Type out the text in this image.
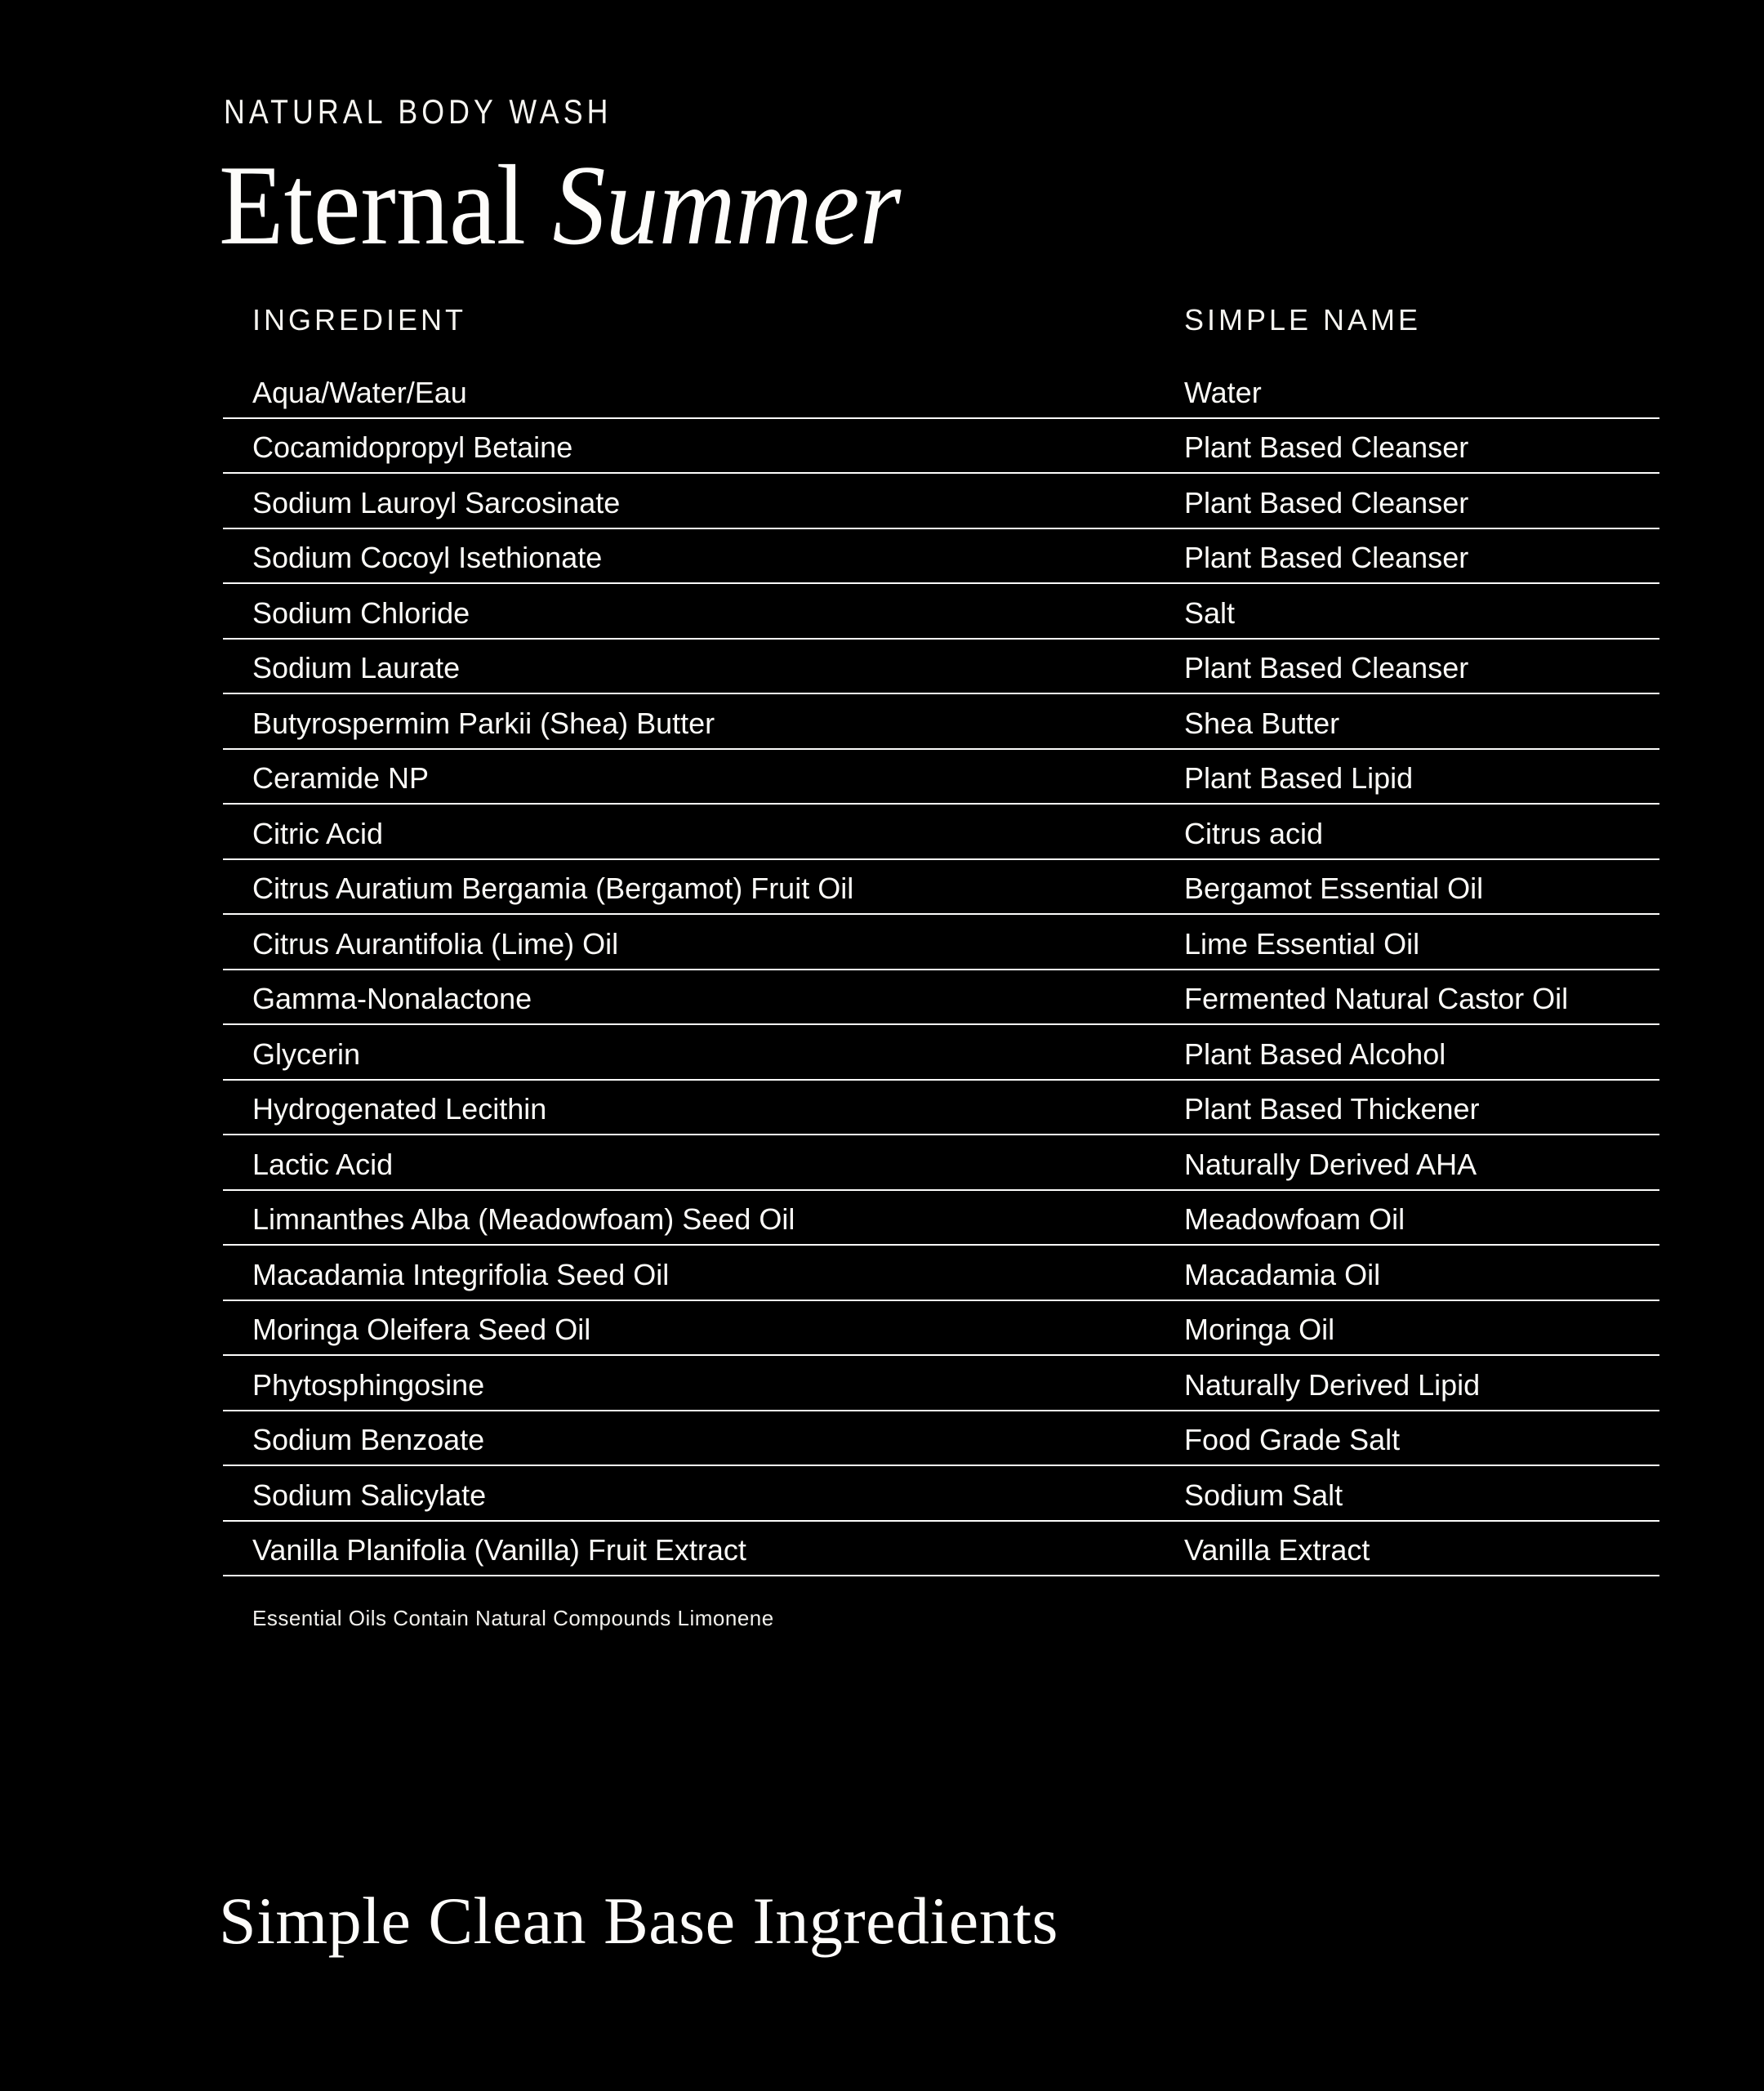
NATURAL BODY WASH
Eternal Summer
INGREDIENT	SIMPLE NAME
Aqua/Water/Eau	Water
Cocamidopropyl Betaine	Plant Based Cleanser
Sodium Lauroyl Sarcosinate	Plant Based Cleanser
Sodium Cocoyl Isethionate	Plant Based Cleanser
Sodium Chloride	Salt
Sodium Laurate	Plant Based Cleanser
Butyrospermim Parkii (Shea) Butter	Shea Butter
Ceramide NP	Plant Based Lipid
Citric Acid	Citrus acid
Citrus Auratium Bergamia (Bergamot) Fruit Oil	Bergamot Essential Oil
Citrus Aurantifolia (Lime) Oil	Lime Essential Oil
Gamma-Nonalactone	Fermented Natural Castor Oil
Glycerin	Plant Based Alcohol
Hydrogenated Lecithin	Plant Based Thickener
Lactic Acid	Naturally Derived AHA
Limnanthes Alba (Meadowfoam) Seed Oil	Meadowfoam Oil
Macadamia Integrifolia Seed Oil	Macadamia Oil
Moringa Oleifera Seed Oil	Moringa Oil
Phytosphingosine	Naturally Derived Lipid
Sodium Benzoate	Food Grade Salt
Sodium Salicylate	Sodium Salt
Vanilla Planifolia (Vanilla) Fruit Extract	Vanilla Extract
Essential Oils Contain Natural Compounds Limonene
Simple Clean Base Ingredients
